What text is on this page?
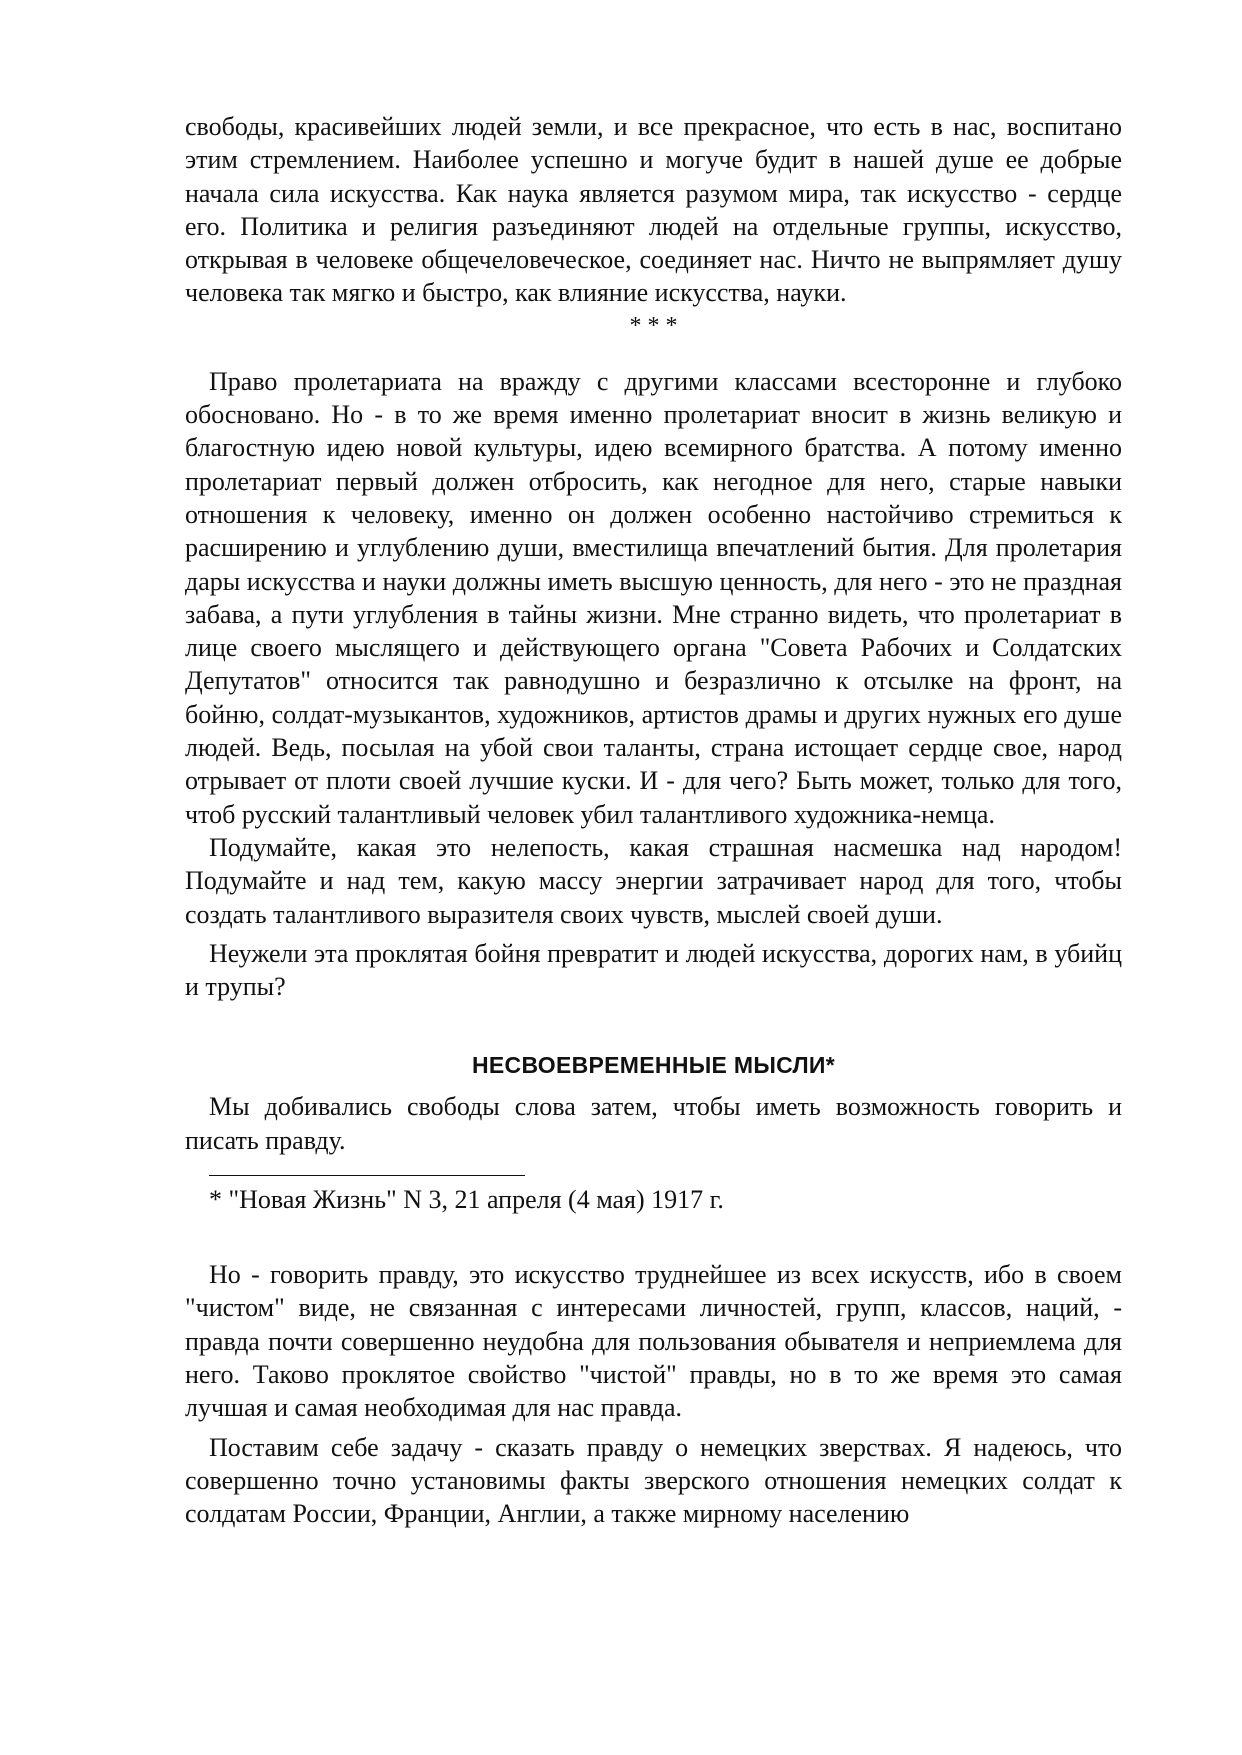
свободы, красивейших людей земли, и все прекрасное, что есть в нас, воспитано этим стремлением. Наиболее успешно и могуче будит в нашей душе ее добрые начала сила искусства. Как наука является разумом мира, так искусство - сердце его. Политика и религия разъединяют людей на отдельные группы, искусство, открывая в человеке общечеловеческое, соединяет нас. Ничто не выпрямляет душу человека так мягко и быстро, как влияние искусства, науки.

* * *

Право пролетариата на вражду с другими классами всесторонне и глубоко обосновано. Но - в то же время именно пролетариат вносит в жизнь великую и благостную идею новой культуры, идею всемирного братства. А потому именно пролетариат первый должен отбросить, как негодное для него, старые навыки отношения к человеку, именно он должен особенно настойчиво стремиться к расширению и углублению души, вместилища впечатлений бытия. Для пролетария дары искусства и науки должны иметь высшую ценность, для него - это не праздная забава, а пути углубления в тайны жизни. Мне странно видеть, что пролетариат в лице своего мыслящего и действующего органа "Совета Рабочих и Солдатских Депутатов" относится так равнодушно и безразлично к отсылке на фронт, на бойню, солдат-музыкантов, художников, артистов драмы и других нужных его душе людей. Ведь, посылая на убой свои таланты, страна истощает сердце свое, народ отрывает от плоти своей лучшие куски. И - для чего? Быть может, только для того, чтоб русский талантливый человек убил талантливого художника-немца.

Подумайте, какая это нелепость, какая страшная насмешка над народом! Подумайте и над тем, какую массу энергии затрачивает народ для того, чтобы создать талантливого выразителя своих чувств, мыслей своей души.

Неужели эта проклятая бойня превратит и людей искусства, дорогих нам, в убийц и трупы?

НЕСВОЕВРЕМЕННЫЕ МЫСЛИ*

Мы добивались свободы слова затем, чтобы иметь возможность говорить и писать правду.

* "Новая Жизнь" N 3, 21 апреля (4 мая) 1917 г.

Но - говорить правду, это искусство труднейшее из всех искусств, ибо в своем "чистом" виде, не связанная с интересами личностей, групп, классов, наций, - правда почти совершенно неудобна для пользования обывателя и неприемлема для него. Таково проклятое свойство "чистой" правды, но в то же время это самая лучшая и самая необходимая для нас правда.

Поставим себе задачу - сказать правду о немецких зверствах. Я надеюсь, что совершенно точно установимы факты зверского отношения немецких солдат к солдатам России, Франции, Англии, а также мирному населению
